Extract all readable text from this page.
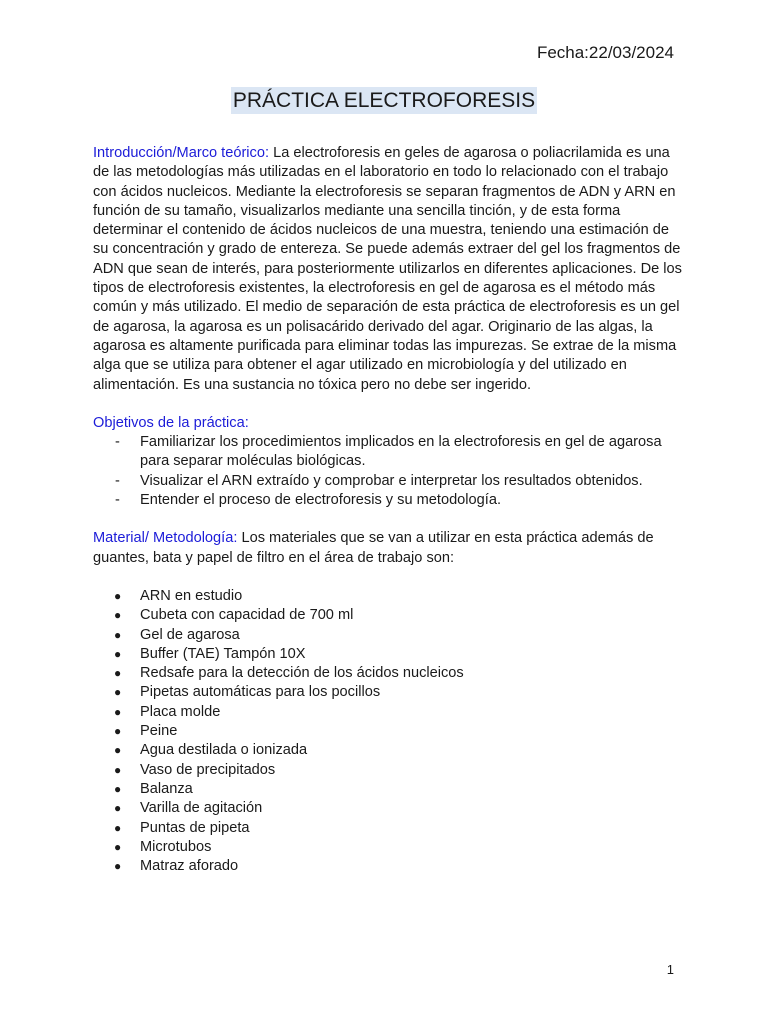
Fecha:22/03/2024
PRÁCTICA ELECTROFORESIS

Introducción/Marco teórico: La electroforesis en geles de agarosa o poliacrilamida es una de las metodologías más utilizadas en el laboratorio en todo lo relacionado con el trabajo con ácidos nucleicos. Mediante la electroforesis se separan fragmentos de ADN y ARN en función de su tamaño, visualizarlos mediante una sencilla tinción, y de esta forma determinar el contenido de ácidos nucleicos de una muestra, teniendo una estimación de su concentración y grado de entereza. Se puede además extraer del gel los fragmentos de ADN que sean de interés, para posteriormente utilizarlos en diferentes aplicaciones. De los tipos de electroforesis existentes, la electroforesis en gel de agarosa es el método más común y más utilizado. El medio de separación de esta práctica de electroforesis es un gel de agarosa, la agarosa es un polisacárido derivado del agar. Originario de las algas, la agarosa es altamente purificada para eliminar todas las impurezas. Se extrae de la misma alga que se utiliza para obtener el agar utilizado en microbiología y del utilizado en alimentación. Es una sustancia no tóxica pero no debe ser ingerido.

Objetivos de la práctica:
- Familiarizar los procedimientos implicados en la electroforesis en gel de agarosa para separar moléculas biológicas.
- Visualizar el ARN extraído y comprobar e interpretar los resultados obtenidos.
- Entender el proceso de electroforesis y su metodología.

Material/ Metodología: Los materiales que se van a utilizar en esta práctica además de guantes, bata y papel de filtro en el área de trabajo son:

● ARN en estudio
● Cubeta con capacidad de 700 ml
● Gel de agarosa
● Buffer (TAE) Tampón 10X
● Redsafe para la detección de los ácidos nucleicos
● Pipetas automáticas para los pocillos
● Placa molde
● Peine
● Agua destilada o ionizada
● Vaso de precipitados
● Balanza
● Varilla de agitación
● Puntas de pipeta
● Microtubos
● Matraz aforado
1
